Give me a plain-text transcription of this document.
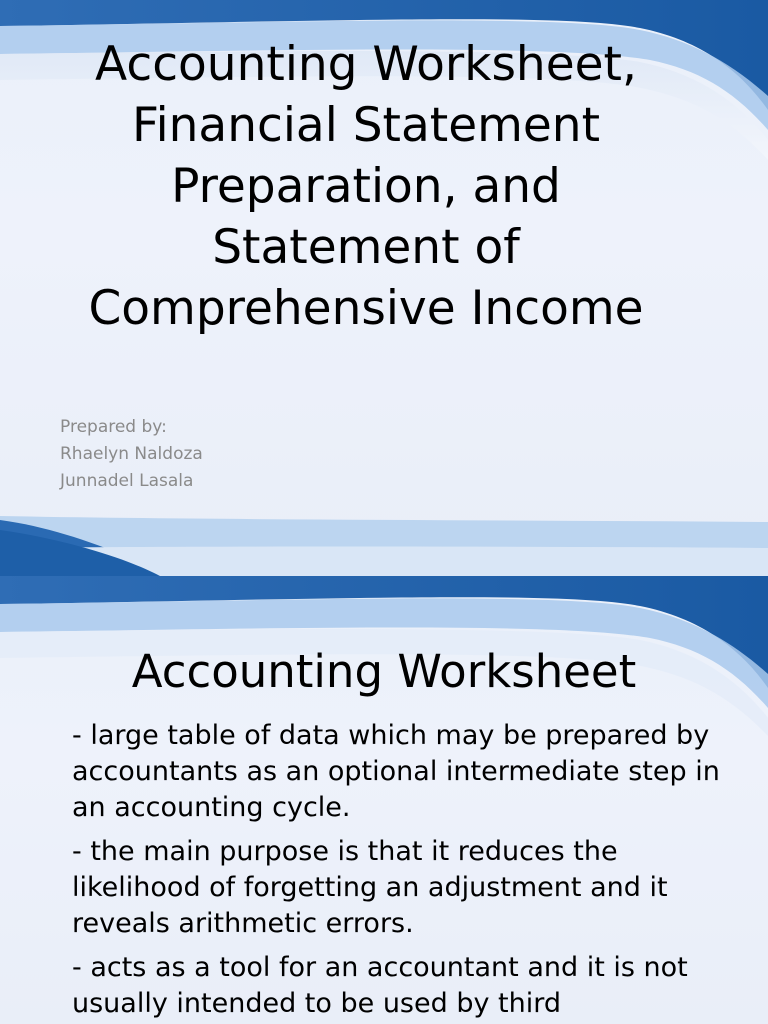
Accounting Worksheet,
Financial Statement
Preparation, and
Statement of
Comprehensive Income
Prepared by:
Rhaelyn Naldoza
Junnadel Lasala
Accounting Worksheet

- large table of data which may be prepared by accountants as an optional intermediate step in an accounting cycle.

- the main purpose is that it reduces the likelihood of forgetting an adjustment and it reveals arithmetic errors.

- acts as a tool for an accountant and it is not usually intended to be used by third
